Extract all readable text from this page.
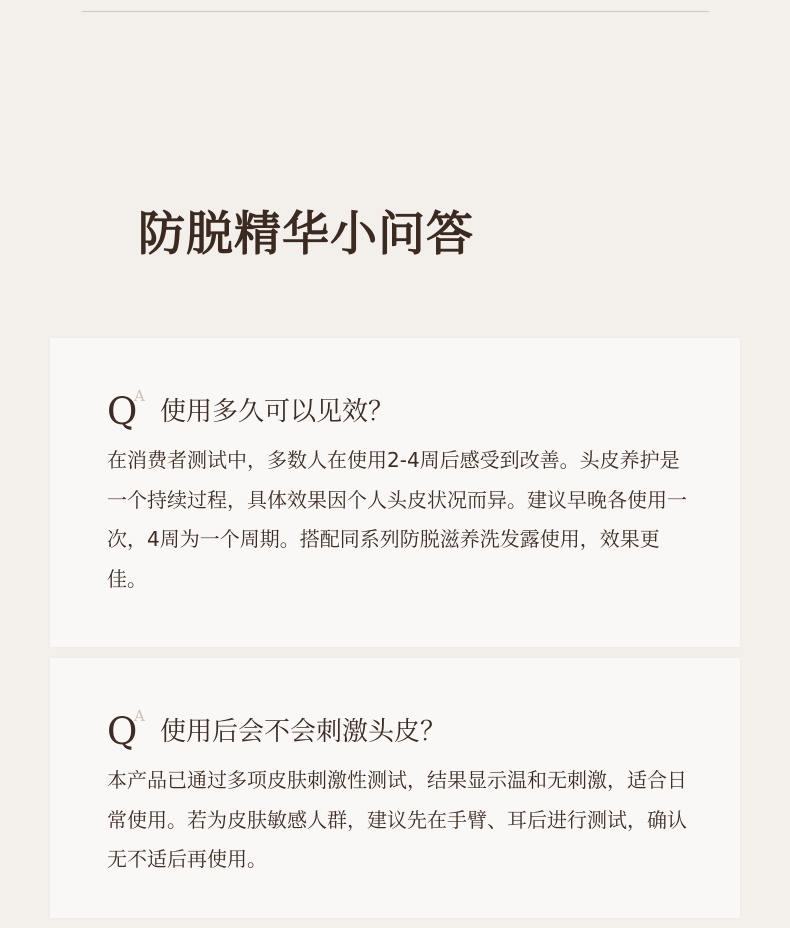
防脱精华小问答
Q
A
使用多久可以见效？

在消费者测试中，多数人在使用2-4周后感受到改善。头皮养护是一个持续过程，具体效果因个人头皮状况而异。建议早晚各使用一次，4周为一个周期。搭配同系列防脱滋养洗发露使用，效果更佳。

Q
A
使用后会不会刺激头皮？

本产品已通过多项皮肤刺激性测试，结果显示温和无刺激，适合日常使用。若为皮肤敏感人群，建议先在手臂、耳后进行测试，确认无不适后再使用。
